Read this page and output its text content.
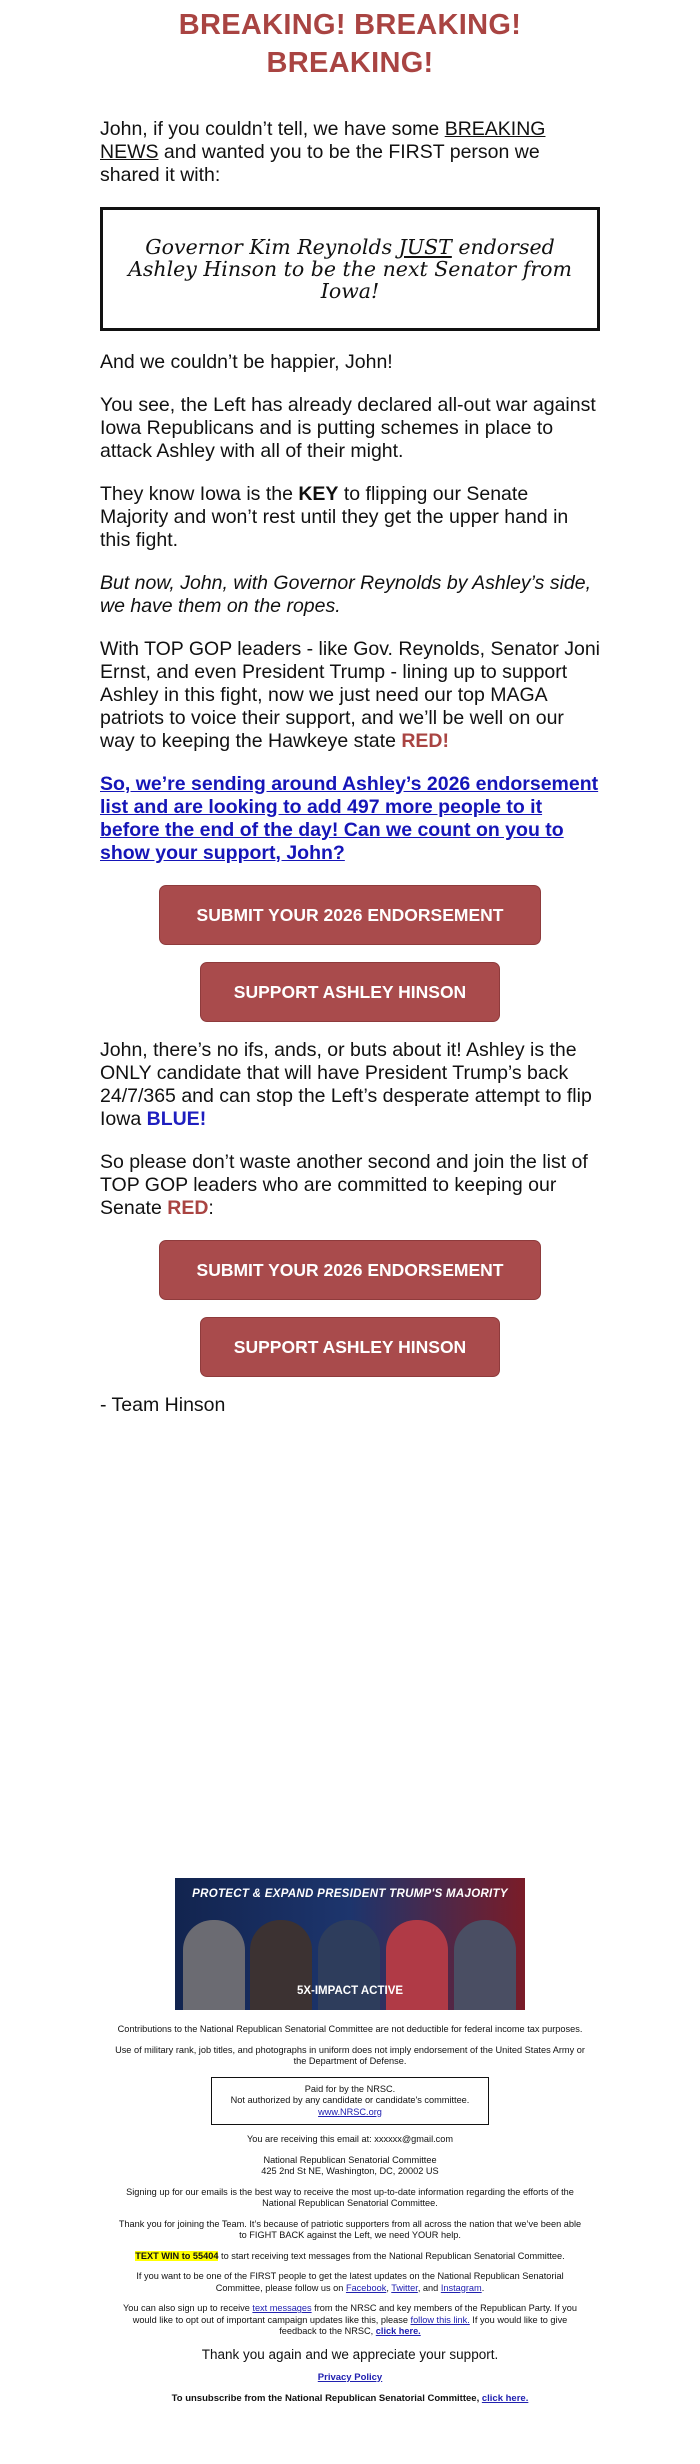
BREAKING! BREAKING! BREAKING!

John, if you couldn’t tell, we have some BREAKING NEWS and wanted you to be the FIRST person we shared it with:

Governor Kim Reynolds JUST endorsed Ashley Hinson to be the next Senator from Iowa!

And we couldn’t be happier, John!

You see, the Left has already declared all-out war against Iowa Republicans and is putting schemes in place to attack Ashley with all of their might.

They know Iowa is the KEY to flipping our Senate Majority and won’t rest until they get the upper hand in this fight.

But now, John, with Governor Reynolds by Ashley’s side, we have them on the ropes.

With TOP GOP leaders - like Gov. Reynolds, Senator Joni Ernst, and even President Trump - lining up to support Ashley in this fight, now we just need our top MAGA patriots to voice their support, and we’ll be well on our way to keeping the Hawkeye state RED!

So, we’re sending around Ashley’s 2026 endorsement list and are looking to add 497 more people to it before the end of the day! Can we count on you to show your support, John?
SUBMIT YOUR 2026 ENDORSEMENT
SUPPORT ASHLEY HINSON

John, there’s no ifs, ands, or buts about it! Ashley is the ONLY candidate that will have President Trump’s back 24/7/365 and can stop the Left’s desperate attempt to flip Iowa BLUE!

So please don’t waste another second and join the list of TOP GOP leaders who are committed to keeping our Senate RED:

SUBMIT YOUR 2026 ENDORSEMENT
SUPPORT ASHLEY HINSON

- Team Hinson

PROTECT & EXPAND PRESIDENT TRUMP'S MAJORITY
5X-IMPACT ACTIVE

Contributions to the National Republican Senatorial Committee are not deductible for federal income tax purposes.

Use of military rank, job titles, and photographs in uniform does not imply endorsement of the United States Army or the Department of Defense.

Paid for by the NRSC.
Not authorized by any candidate or candidate's committee.
www.NRSC.org

You are receiving this email at: xxxxxx@gmail.com

National Republican Senatorial Committee
425 2nd St NE, Washington, DC, 20002 US

Signing up for our emails is the best way to receive the most up-to-date information regarding the efforts of the National Republican Senatorial Committee.

Thank you for joining the Team. It’s because of patriotic supporters from all across the nation that we’ve been able to FIGHT BACK against the Left, we need YOUR help.

TEXT WIN to 55404 to start receiving text messages from the National Republican Senatorial Committee.

If you want to be one of the FIRST people to get the latest updates on the National Republican Senatorial Committee, please follow us on Facebook, Twitter, and Instagram.

You can also sign up to receive text messages from the NRSC and key members of the Republican Party. If you would like to opt out of important campaign updates like this, please follow this link. If you would like to give feedback to the NRSC, click here.

Thank you again and we appreciate your support.
Privacy Policy
To unsubscribe from the National Republican Senatorial Committee, click here.
